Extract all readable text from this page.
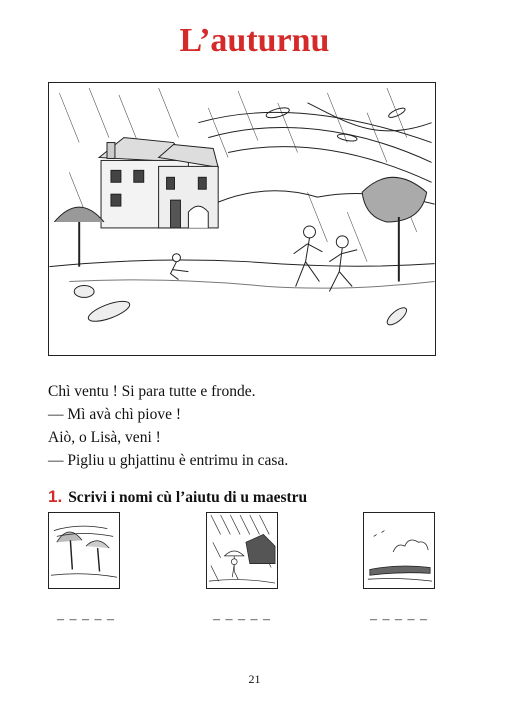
L’auturnu
Chì ventu ! Si para tutte e fronde.
— Mì avà chì piove !
Aiò, o Lisà, veni !
— Pigliu u ghjattinu è entrimu in casa.
1. Scrivi i nomi cù l’aiutu di u maestru
– – – – –	– – – – –	– – – – –
21
